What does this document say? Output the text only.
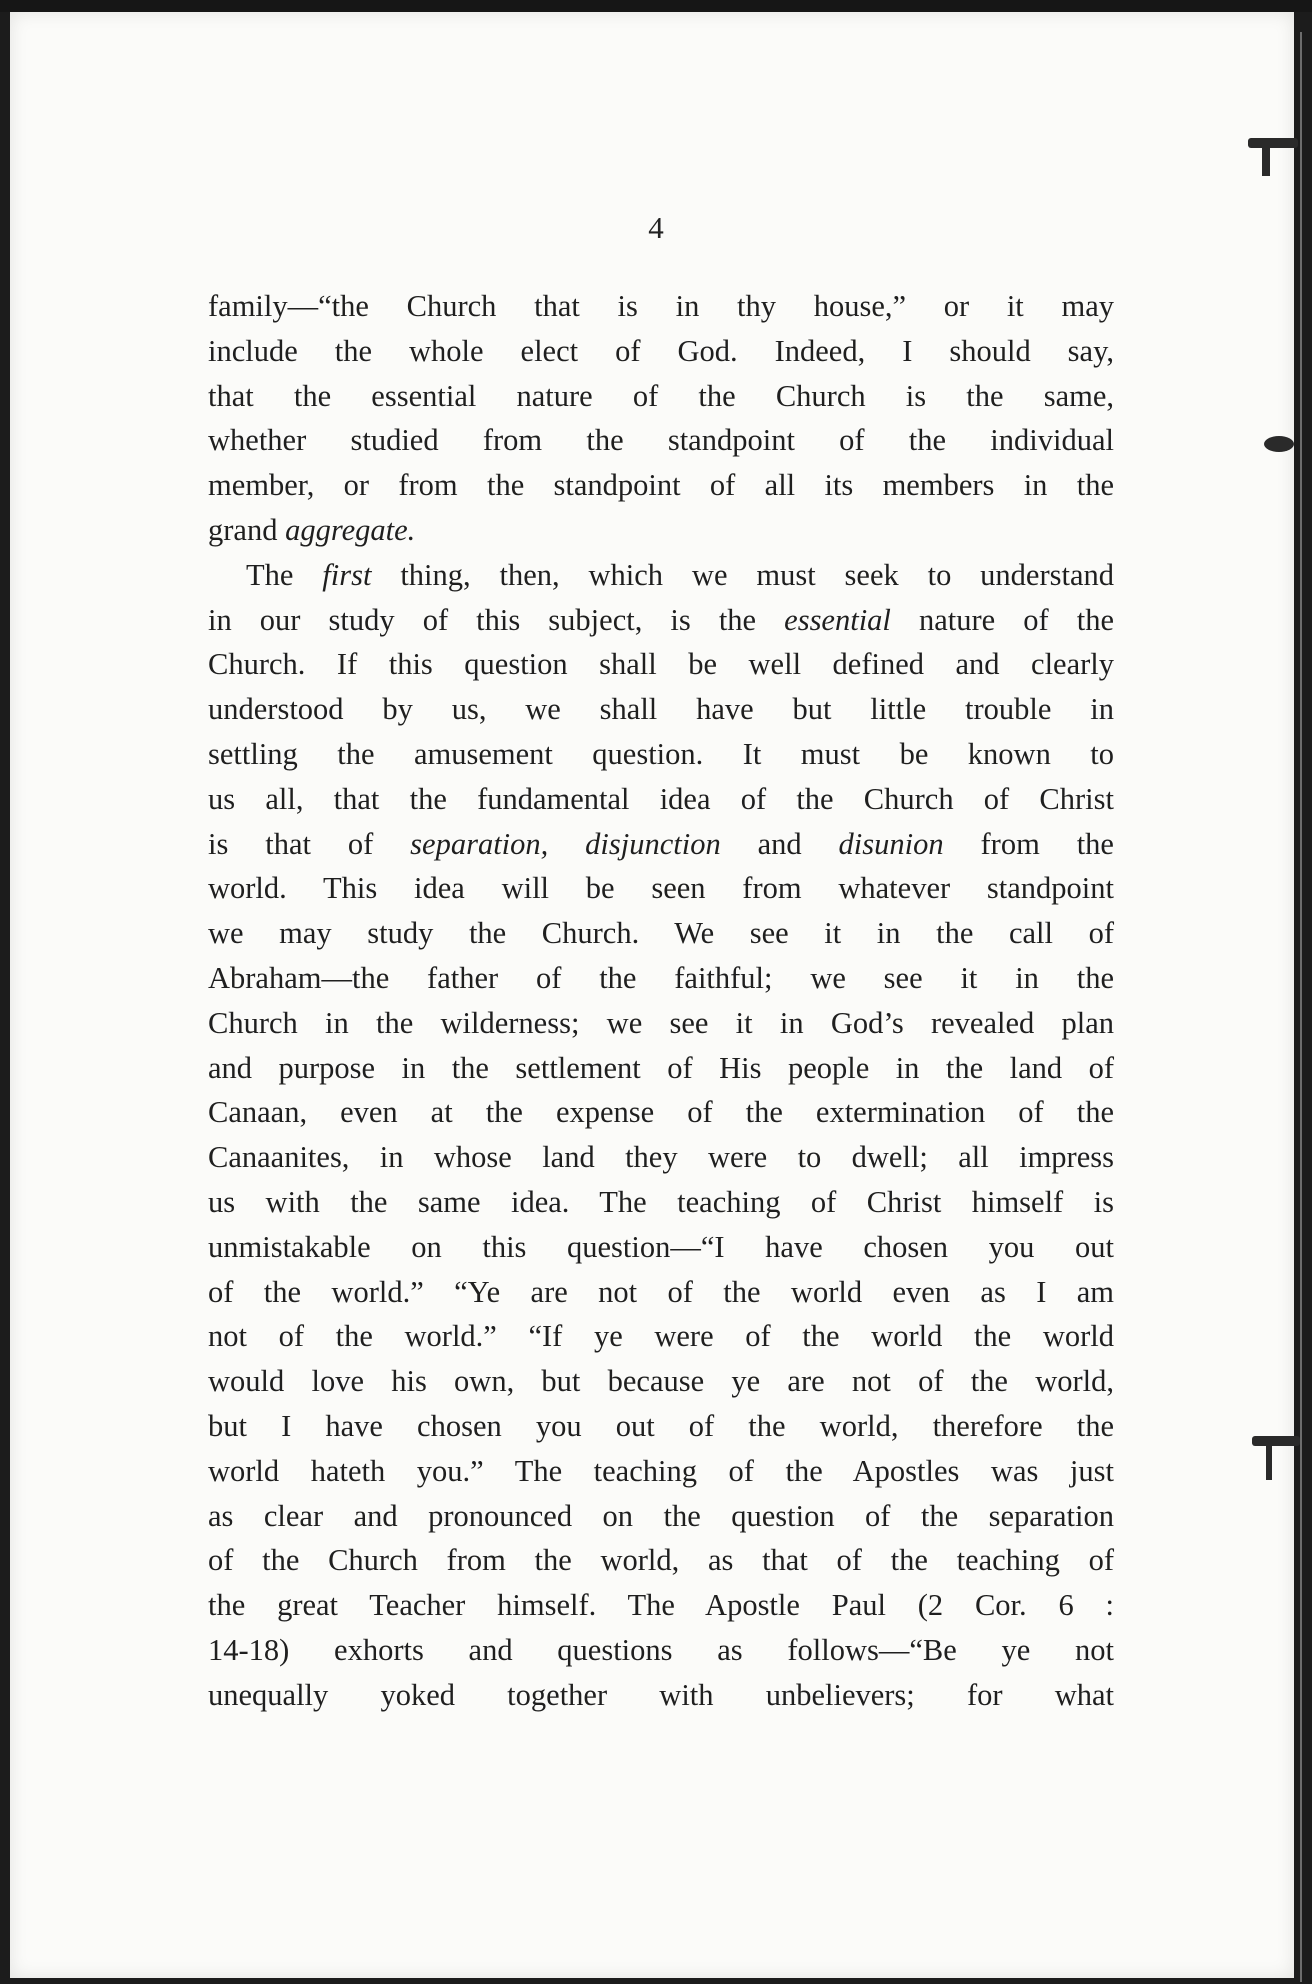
4
family—“the Church that is in thy house,” or it may
include the whole elect of God. Indeed, I should say,
that the essential nature of the Church is the same,
whether studied from the standpoint of the individual
member, or from the standpoint of all its members in the
grand aggregate.
The first thing, then, which we must seek to understand
in our study of this subject, is the essential nature of the
Church. If this question shall be well defined and clearly
understood by us, we shall have but little trouble in
settling the amusement question. It must be known to
us all, that the fundamental idea of the Church of Christ
is that of separation, disjunction and disunion from the
world. This idea will be seen from whatever standpoint
we may study the Church. We see it in the call of
Abraham—the father of the faithful; we see it in the
Church in the wilderness; we see it in God’s revealed plan
and purpose in the settlement of His people in the land of
Canaan, even at the expense of the extermination of the
Canaanites, in whose land they were to dwell; all impress
us with the same idea. The teaching of Christ himself is
unmistakable on this question—“I have chosen you out
of the world.” “Ye are not of the world even as I am
not of the world.” “If ye were of the world the world
would love his own, but because ye are not of the world,
but I have chosen you out of the world, therefore the
world hateth you.” The teaching of the Apostles was just
as clear and pronounced on the question of the separation
of the Church from the world, as that of the teaching of
the great Teacher himself. The Apostle Paul (2 Cor. 6 :
14-18) exhorts and questions as follows—“Be ye not
unequally yoked together with unbelievers; for what
